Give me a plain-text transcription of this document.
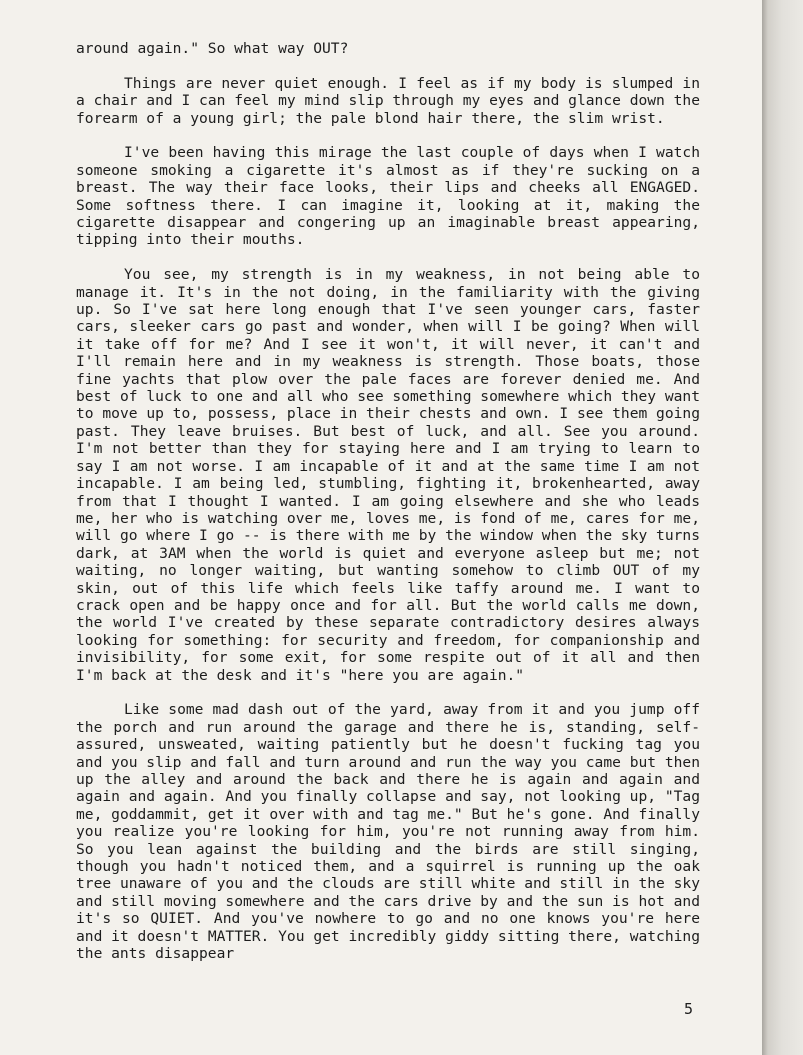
around again." So what way OUT?

Things are never quiet enough. I feel as if my body is slumped in a chair and I can feel my mind slip through my eyes and glance down the forearm of a young girl; the pale blond hair there, the slim wrist.

I've been having this mirage the last couple of days when I watch someone smoking a cigarette it's almost as if they're sucking on a breast. The way their face looks, their lips and cheeks all ENGAGED. Some softness there. I can imagine it, looking at it, making the cigarette disappear and congering up an imaginable breast appearing, tipping into their mouths.

You see, my strength is in my weakness, in not being able to manage it. It's in the not doing, in the familiarity with the giving up. So I've sat here long enough that I've seen younger cars, faster cars, sleeker cars go past and wonder, when will I be going? When will it take off for me? And I see it won't, it will never, it can't and I'll remain here and in my weakness is strength. Those boats, those fine yachts that plow over the pale faces are forever denied me. And best of luck to one and all who see something somewhere which they want to move up to, possess, place in their chests and own. I see them going past. They leave bruises. But best of luck, and all. See you around. I'm not better than they for staying here and I am trying to learn to say I am not worse. I am incapable of it and at the same time I am not incapable. I am being led, stumbling, fighting it, brokenhearted, away from that I thought I wanted. I am going elsewhere and she who leads me, her who is watching over me, loves me, is fond of me, cares for me, will go where I go -- is there with me by the window when the sky turns dark, at 3AM when the world is quiet and everyone asleep but me; not waiting, no longer waiting, but wanting somehow to climb OUT of my skin, out of this life which feels like taffy around me. I want to crack open and be happy once and for all. But the world calls me down, the world I've created by these separate contradictory desires always looking for something: for security and freedom, for companionship and invisibility, for some exit, for some respite out of it all and then I'm back at the desk and it's "here you are again."

Like some mad dash out of the yard, away from it and you jump off the porch and run around the garage and there he is, standing, self-assured, unsweated, waiting patiently but he doesn't fucking tag you and you slip and fall and turn around and run the way you came but then up the alley and around the back and there he is again and again and again and again. And you finally collapse and say, not looking up, "Tag me, goddammit, get it over with and tag me." But he's gone. And finally you realize you're looking for him, you're not running away from him. So you lean against the building and the birds are still singing, though you hadn't noticed them, and a squirrel is running up the oak tree unaware of you and the clouds are still white and still in the sky and still moving somewhere and the cars drive by and the sun is hot and it's so QUIET. And you've nowhere to go and no one knows you're here and it doesn't MATTER. You get incredibly giddy sitting there, watching the ants disappear

5
